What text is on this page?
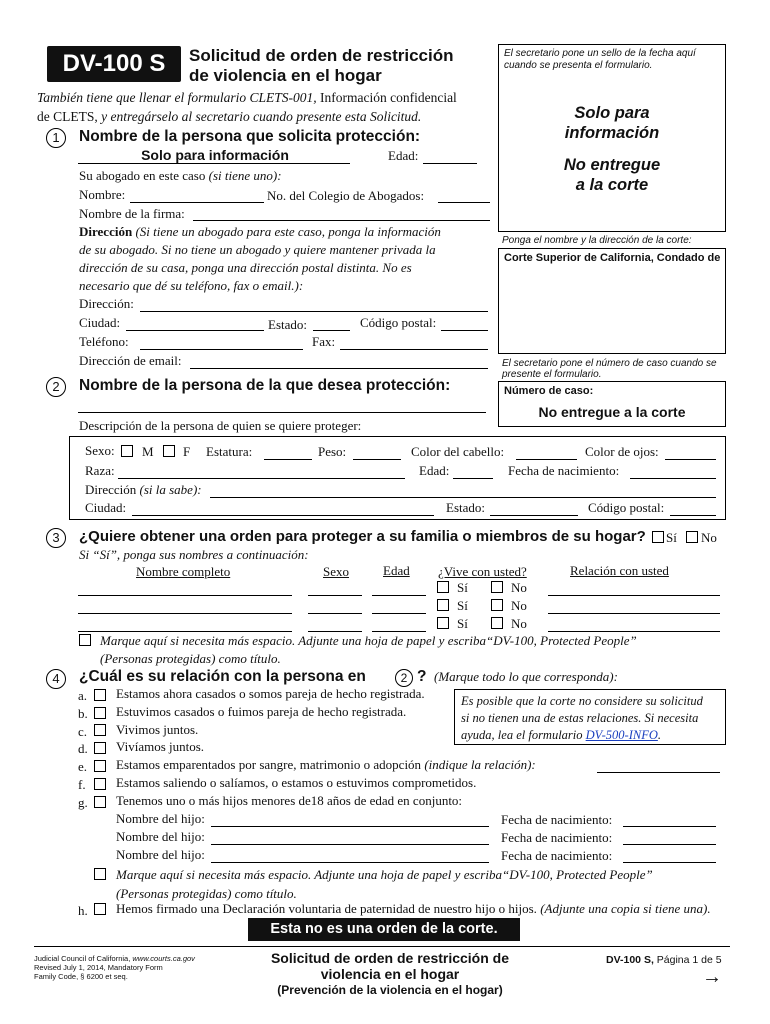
DV-100 S	Solicitud de orden de restricción
de violencia en el hogar
También tiene que llenar el formulario CLETS-001, Información confidencial
de CLETS, y entregárselo al secretario cuando presente esta Solicitud.
El secretario pone un sello de la fecha aquí
cuando se presenta el formulario.
Solo para
información
No entregue
a la corte
Ponga el nombre y la dirección de la corte:
Corte Superior de California, Condado de
El secretario pone el número de caso cuando se
presente el formulario.
Número de caso:
No entregue a la corte
1	Nombre de la persona que solicita protección:
Solo para información	Edad:
Su abogado en este caso (si tiene uno):
Nombre:	No. del Colegio de Abogados:
Nombre de la firma:
Dirección (Si tiene un abogado para este caso, ponga la información
de su abogado. Si no tiene un abogado y quiere mantener privada la
dirección de su casa, ponga una dirección postal distinta. No es
necesario que dé su teléfono, fax o email.):
Dirección:
Ciudad:	Estado:	Código postal:
Teléfono:	Fax:
Dirección de email:
2	Nombre de la persona de la que desea protección:
Descripción de la persona de quien se quiere proteger:
Sexo: M F Estatura:	Peso:	Color del cabello:	Color de ojos:
Raza:	Edad:	Fecha de nacimiento:
Dirección (si la sabe):
Ciudad:	Estado:	Código postal:
3	¿Quiere obtener una orden para proteger a su familia o miembros de su hogar? Sí No
Si “Sí”, ponga sus nombres a continuación:
Nombre completo	Sexo	Edad ¿Vive con usted?	Relación con usted
Sí	No
Sí	No
Sí	No
Marque aquí si necesita más espacio. Adjunte una hoja de papel y escriba“DV-100, Protected People”
(Personas protegidas) como título.
4	¿Cuál es su relación con la persona en	2 ? (Marque todo lo que corresponda):
Es posible que la corte no considere su solicitud
si no tienen una de estas relaciones. Si necesita
ayuda, lea el formulario DV-500-INFO.
a. Estamos ahora casados o somos pareja de hecho registrada.
b. Estuvimos casados o fuimos pareja de hecho registrada.
c. Vivimos juntos.
d. Vivíamos juntos.
e. Estamos emparentados por sangre, matrimonio o adopción (indique la relación):
f. Estamos saliendo o salíamos, o estamos o estuvimos comprometidos.
g. Tenemos uno o más hijos menores de18 años de edad en conjunto:
Nombre del hijo:	Fecha de nacimiento:
Nombre del hijo:	Fecha de nacimiento:
Nombre del hijo:	Fecha de nacimiento:
Marque aquí si necesita más espacio. Adjunte una hoja de papel y escriba“DV-100, Protected People”
(Personas protegidas) como título.
h. Hemos firmado una Declaración voluntaria de paternidad de nuestro hijo o hijos. (Adjunte una copia si tiene una).
Esta no es una orden de la corte.
Judicial Council of California, www.courts.ca.gov
Revised July 1, 2014, Mandatory Form
Family Code, § 6200 et seq.
Solicitud de orden de restricción de
violencia en el hogar
(Prevención de la violencia en el hogar)
DV-100 S, Página 1 de 5
→
